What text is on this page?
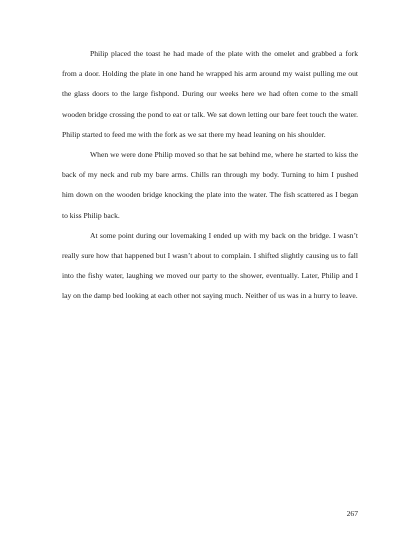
Philip placed the toast he had made of the plate with the omelet and grabbed a fork from a door. Holding the plate in one hand he wrapped his arm around my waist pulling me out the glass doors to the large fishpond. During our weeks here we had often come to the small wooden bridge crossing the pond to eat or talk. We sat down letting our bare feet touch the water. Philip started to feed me with the fork as we sat there my head leaning on his shoulder.

When we were done Philip moved so that he sat behind me, where he started to kiss the back of my neck and rub my bare arms. Chills ran through my body. Turning to him I pushed him down on the wooden bridge knocking the plate into the water. The fish scattered as I began to kiss Philip back.

At some point during our lovemaking I ended up with my back on the bridge. I wasn’t really sure how that happened but I wasn’t about to complain. I shifted slightly causing us to fall into the fishy water, laughing we moved our party to the shower, eventually. Later, Philip and I lay on the damp bed looking at each other not saying much. Neither of us was in a hurry to leave.

267
